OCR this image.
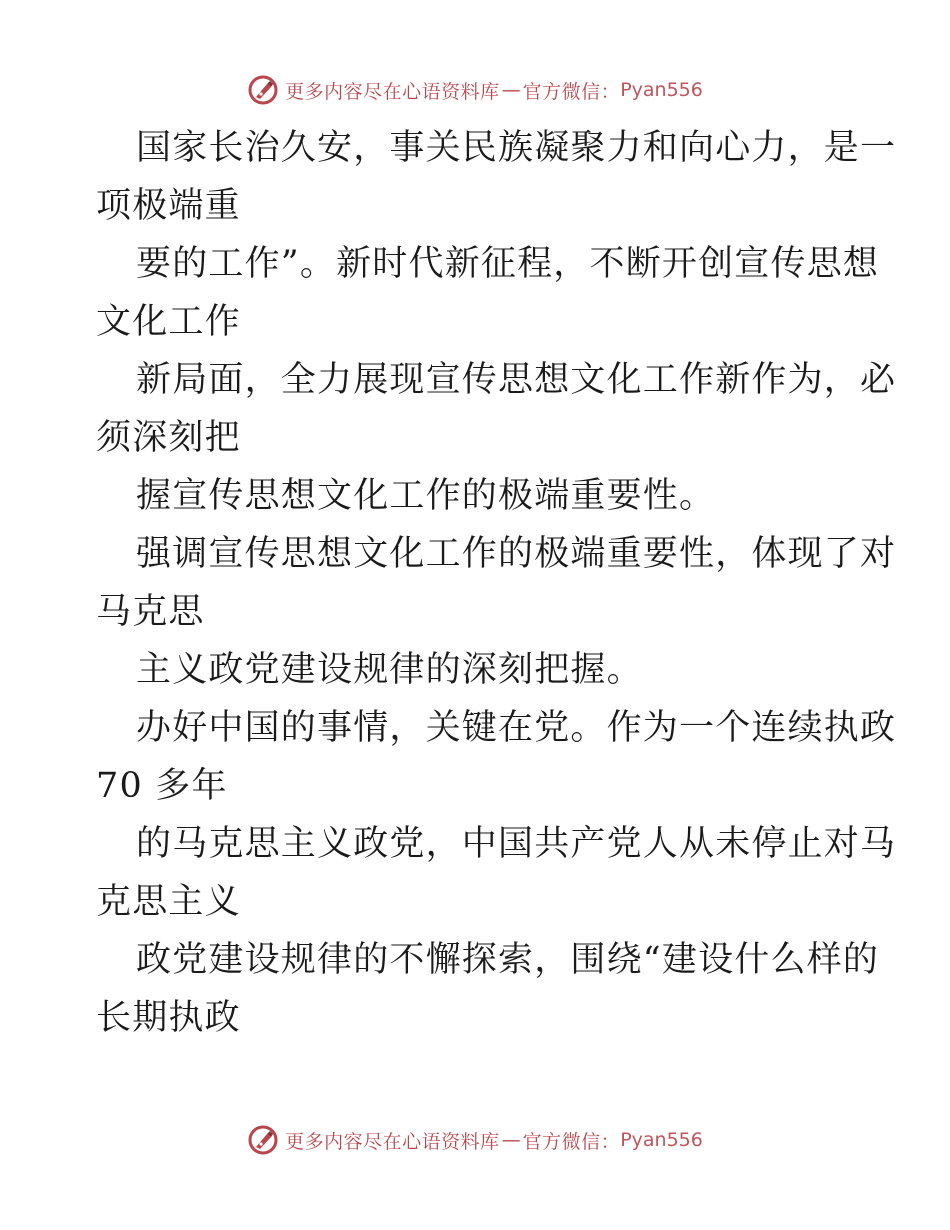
更多内容尽在心语资料库 — 官方微信： Pyan556
国家长治久安，事关民族凝聚力和向心力，是一
项极端重
要的工作”。新时代新征程，不断开创宣传思想
文化工作
新局面，全力展现宣传思想文化工作新作为，必
须深刻把
握宣传思想文化工作的极端重要性。
强调宣传思想文化工作的极端重要性，体现了对
马克思
主义政党建设规律的深刻把握。
办好中国的事情，关键在党。作为一个连续执政
70 多年
的马克思主义政党，中国共产党人从未停止对马
克思主义
政党建设规律的不懈探索，围绕“建设什么样的
长期执政
更多内容尽在心语资料库 — 官方微信： Pyan556
